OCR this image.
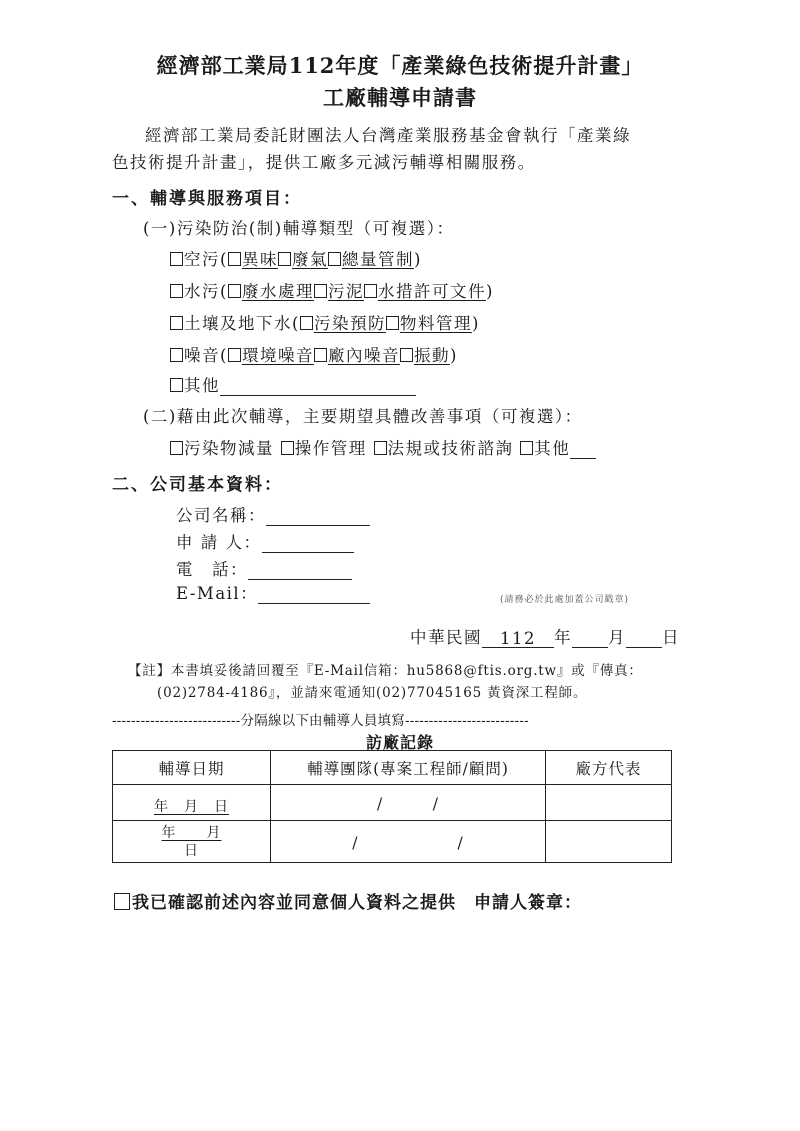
經濟部工業局112年度「產業綠色技術提升計畫」
工廠輔導申請書
經濟部工業局委託財團法人台灣產業服務基金會執行「產業綠
色技術提升計畫」，提供工廠多元減污輔導相關服務。
一、輔導與服務項目：
(一)污染防治(制)輔導類型（可複選）：
空污( 異味 廢氣 總量管制)
水污( 廢水處理 污泥 水措許可文件)
土壤及地下水( 污染預防 物料管理)
噪音( 環境噪音 廠內噪音 振動)
其他
(二)藉由此次輔導，主要期望具體改善事項（可複選）：
污染物減量 操作管理 法規或技術諮詢 其他
二、公司基本資料：
公司名稱：
申 請 人：
電　話：
E-Mail：	(請務必於此處加蓋公司戳章)
中華民國 112 年 月 日
【註】本書填妥後請回覆至『E-Mail信箱：hu5868@ftis.org.tw』或『傳真：
(02)2784-4186』，並請來電通知(02)77045165 黃資深工程師。
---------------------------分隔線以下由輔導人員填寫--------------------------
訪廠記錄
輔導日期	輔導團隊(專案工程師/顧問)	廠方代表
年　月　日	/　　　 /	

年　　月
日	/　　　　　　 /	
我已確認前述內容並同意個人資料之提供　 申請人簽章：
